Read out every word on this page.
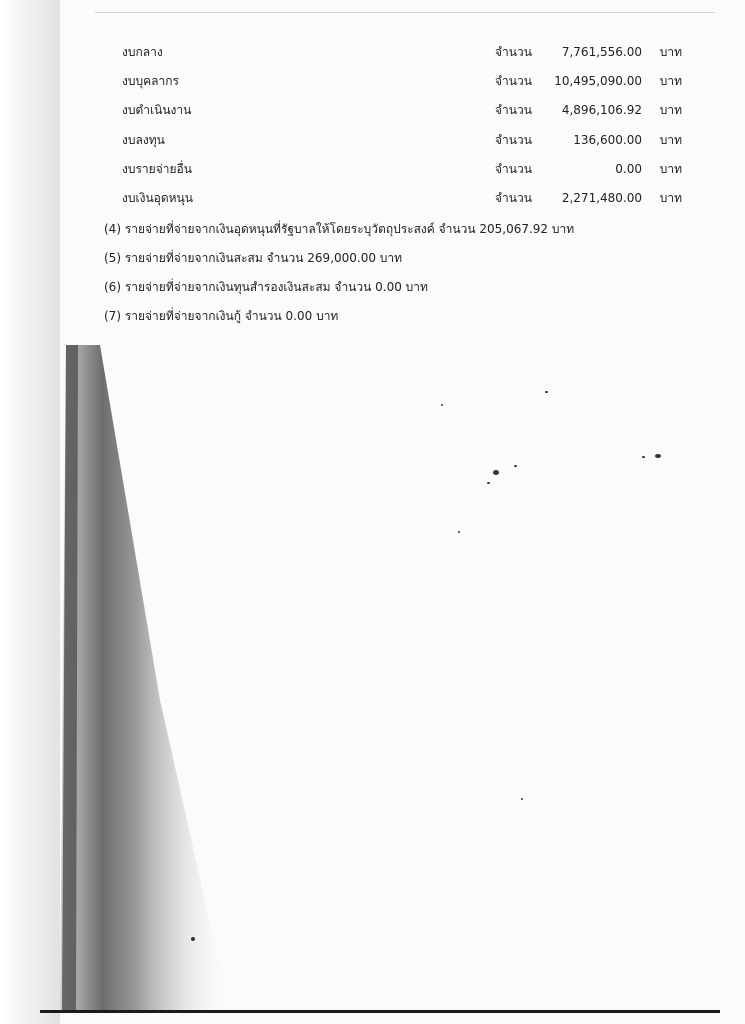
งบกลาง	จำนวน	7,761,556.00 บาท
งบบุคลากร	จำนวน	10,495,090.00 บาท
งบดำเนินงาน	จำนวน	4,896,106.92 บาท
งบลงทุน	จำนวน	136,600.00 บาท
งบรายจ่ายอื่น	จำนวน	0.00 บาท
งบเงินอุดหนุน	จำนวน	2,271,480.00 บาท
(4) รายจ่ายที่จ่ายจากเงินอุดหนุนที่รัฐบาลให้โดยระบุวัตถุประสงค์ จำนวน 205,067.92 บาท
(5) รายจ่ายที่จ่ายจากเงินสะสม จำนวน 269,000.00 บาท
(6) รายจ่ายที่จ่ายจากเงินทุนสำรองเงินสะสม จำนวน 0.00 บาท
(7) รายจ่ายที่จ่ายจากเงินกู้ จำนวน 0.00 บาท
